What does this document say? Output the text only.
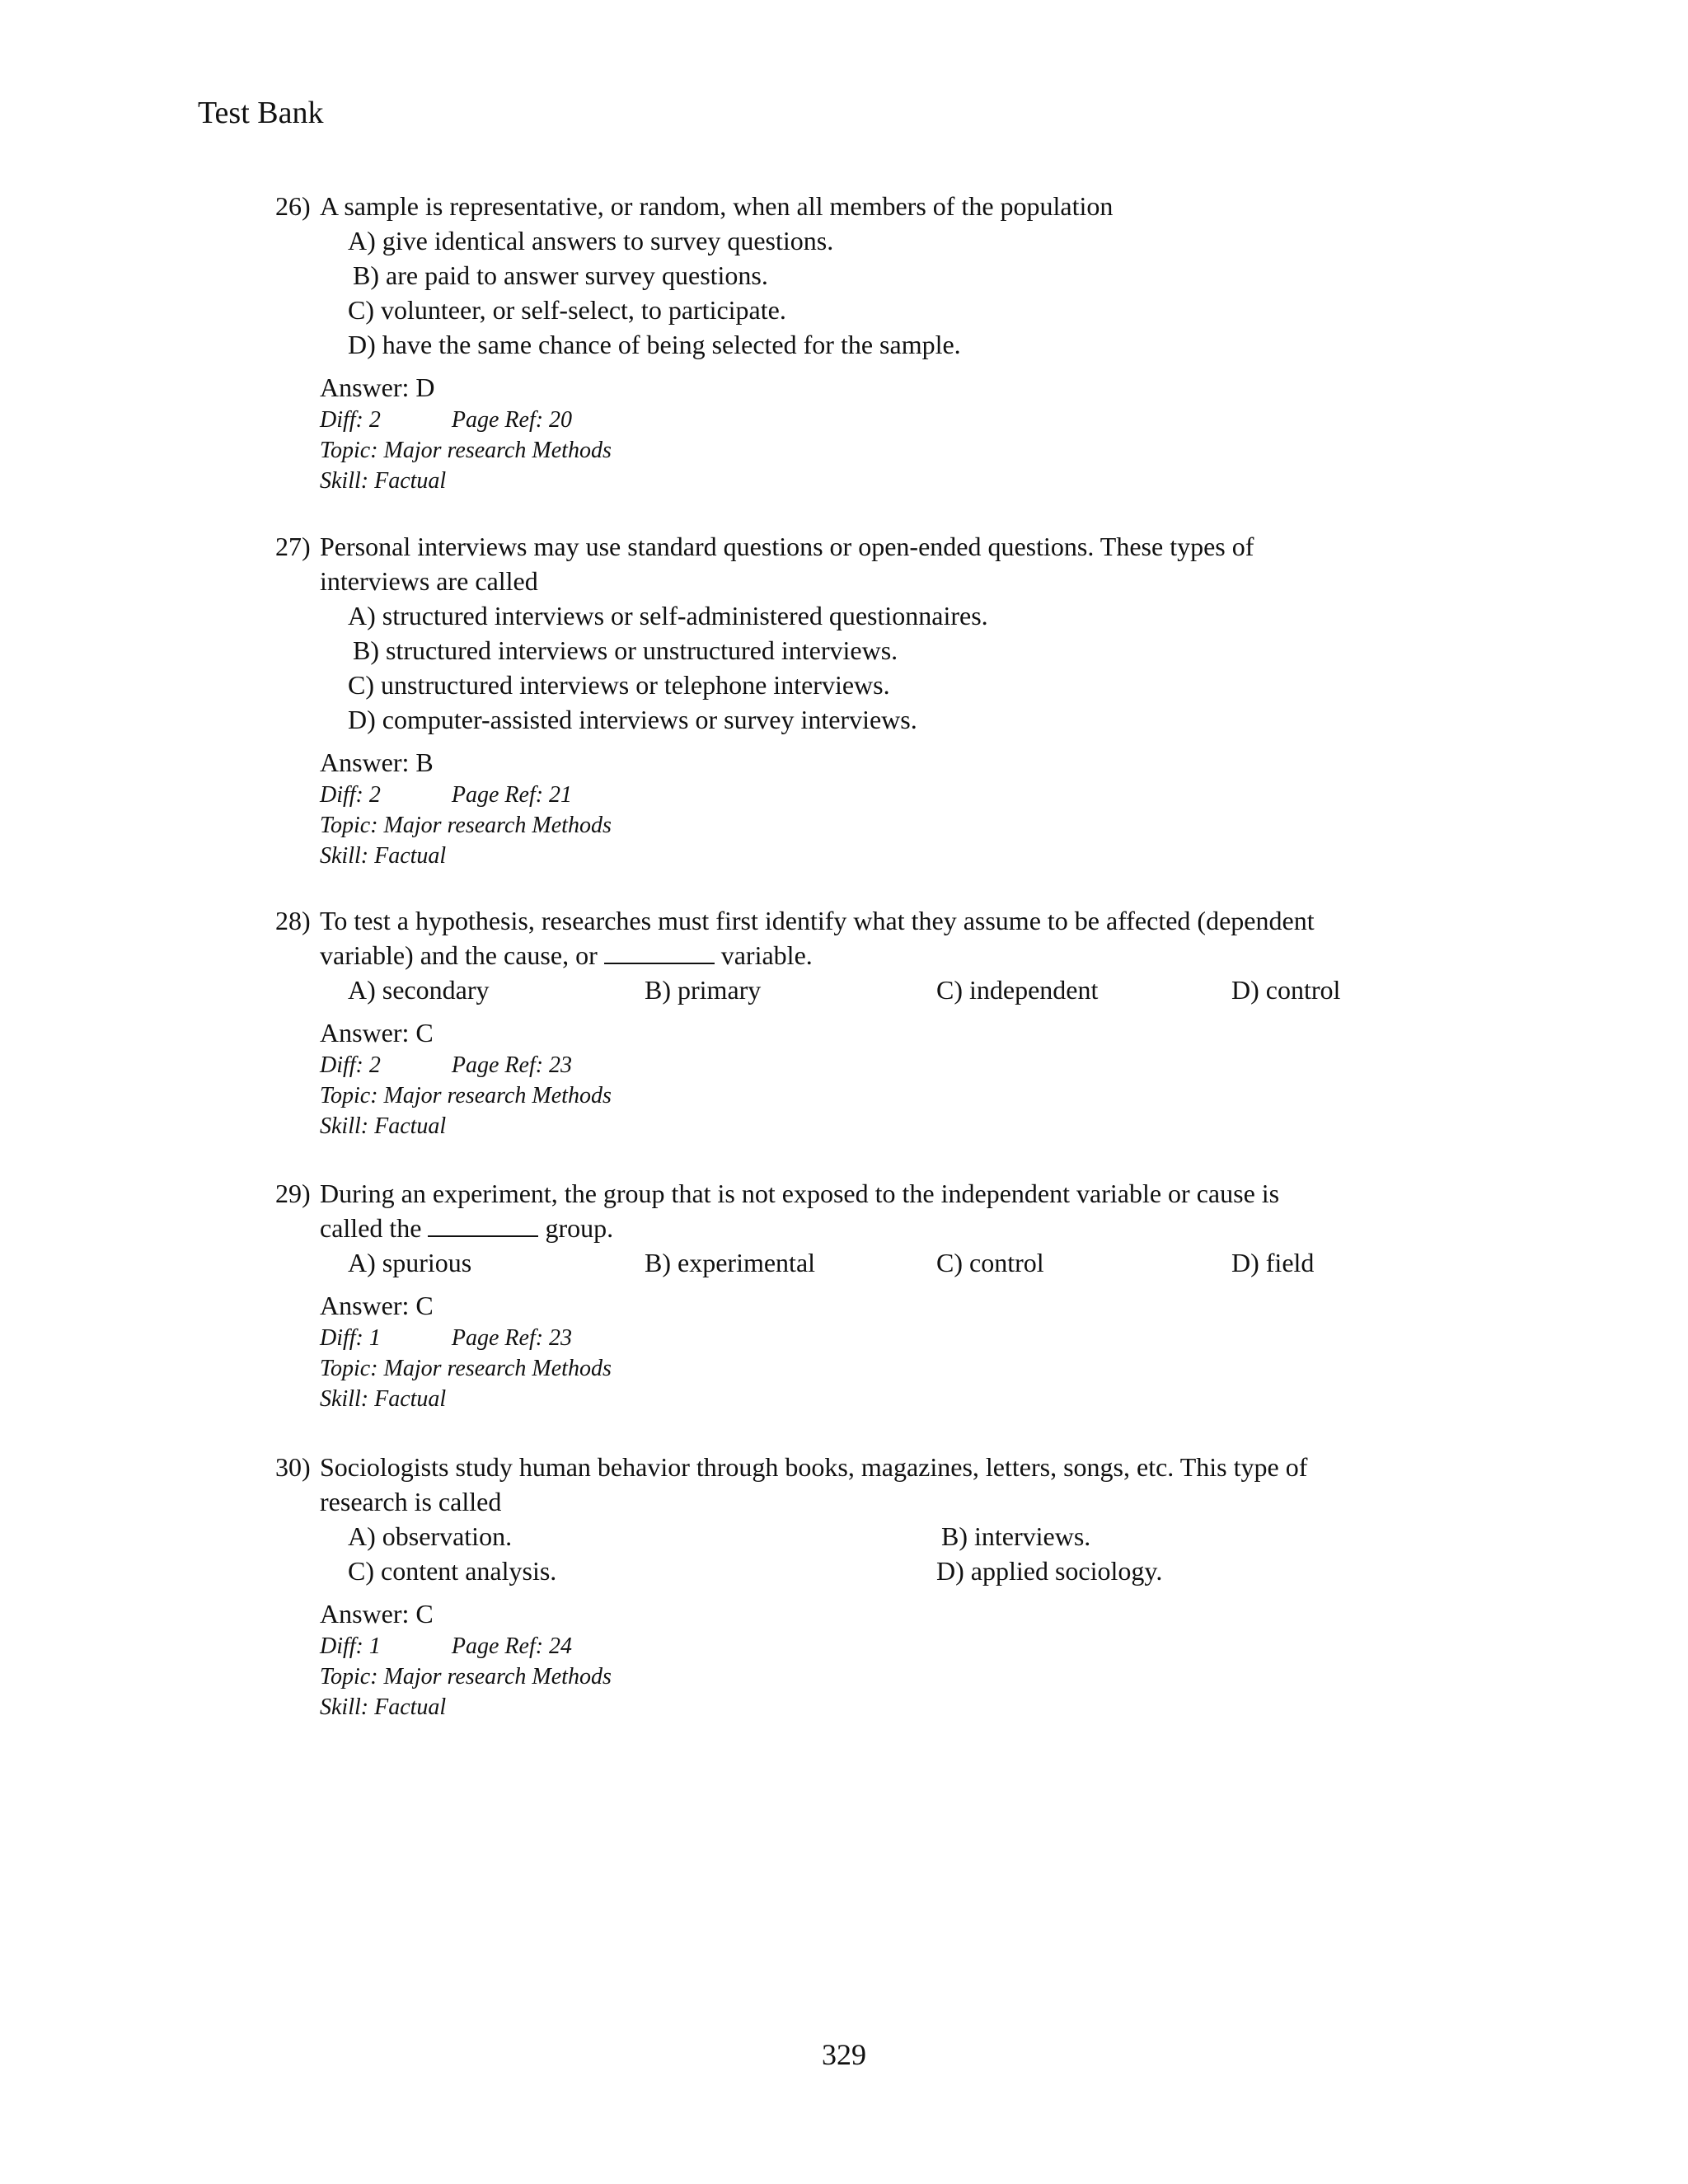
Test Bank
26) A sample is representative, or random, when all members of the population
A) give identical answers to survey questions.
B) are paid to answer survey questions.
C) volunteer, or self-select, to participate.
D) have the same chance of being selected for the sample.
Answer: D
Diff: 2	Page Ref: 20
Topic: Major research Methods
Skill: Factual
27) Personal interviews may use standard questions or open-ended questions. These types of
interviews are called
A) structured interviews or self-administered questionnaires.
B) structured interviews or unstructured interviews.
C) unstructured interviews or telephone interviews.
D) computer-assisted interviews or survey interviews.
Answer: B
Diff: 2	Page Ref: 21
Topic: Major research Methods
Skill: Factual
28) To test a hypothesis, researches must first identify what they assume to be affected (dependent
variable) and the cause, or	variable.
A) secondary	B) primary	C) independent	D) control
Answer: C
Diff: 2	Page Ref: 23
Topic: Major research Methods
Skill: Factual
29) During an experiment, the group that is not exposed to the independent variable or cause is
called the	group.
A) spurious	B) experimental	C) control	D) field
Answer: C
Diff: 1	Page Ref: 23
Topic: Major research Methods
Skill: Factual
30) Sociologists study human behavior through books, magazines, letters, songs, etc. This type of
research is called
A) observation.	B) interviews.
C) content analysis.	D) applied sociology.
Answer: C
Diff: 1	Page Ref: 24
Topic: Major research Methods
Skill: Factual
329
